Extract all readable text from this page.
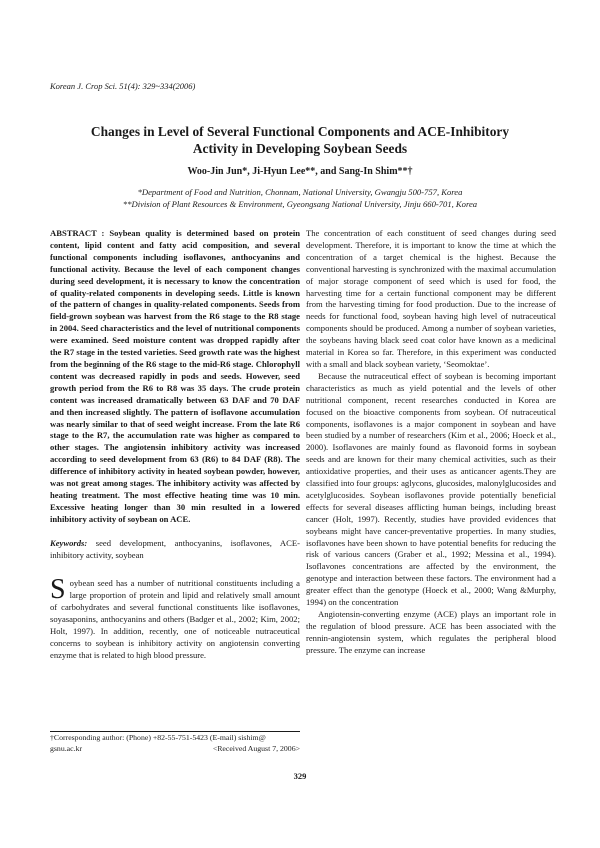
Korean J. Crop Sci. 51(4): 329~334(2006)
Changes in Level of Several Functional Components and ACE-Inhibitory
Activity in Developing Soybean Seeds
Woo-Jin Jun*, Ji-Hyun Lee**, and Sang-In Shim**†
*Department of Food and Nutrition, Chonnam, National University, Gwangju 500-757, Korea
**Division of Plant Resources & Environment, Gyeongsang National University, Jinju 660-701, Korea
ABSTRACT : Soybean quality is determined based on protein content, lipid content and fatty acid composition, and several functional components including isoflavones, anthocyanins and functional activity. Because the level of each component changes during seed development, it is necessary to know the concentration of quality-related components in developing seeds. Little is known of the pattern of changes in quality-related components. Seeds from field-grown soybean was harvest from the R6 stage to the R8 stage in 2004. Seed characteristics and the level of nutritional components were examined. Seed moisture content was dropped rapidly after the R7 stage in the tested varieties. Seed growth rate was the highest from the beginning of the R6 stage to the mid-R6 stage. Chlorophyll content was decreased rapidly in pods and seeds. However, seed growth period from the R6 to R8 was 35 days. The crude protein content was increased dramatically between 63 DAF and 70 DAF and then increased slightly. The pattern of isoflavone accumulation was nearly similar to that of seed weight increase. From the late R6 stage to the R7, the accumulation rate was higher as compared to other stages. The angiotensin inhibitory activity was increased according to seed development from 63 (R6) to 84 DAF (R8). The difference of inhibitory activity in heated soybean powder, however, was not great among stages. The inhibitory activity was affected by heating treatment. The most effective heating time was 10 min. Excessive heating longer than 30 min resulted in a lowered inhibitory activity of soybean on ACE.
Keywords: seed development, anthocyanins, isoflavones, ACE-inhibitory activity, soybean
S oybean seed has a number of nutritional constituents including a large proportion of protein and lipid and relatively small amount of carbohydrates and several functional constituents like isoflavones, soyasaponins, anthocyanins and others (Badger et al., 2002; Kim, 2002; Holt, 1997). In addition, recently, one of noticeable nutraceutical concerns to soybean is inhibitory activity on angiotensin converting enzyme that is related to high blood pressure.
†Corresponding author: (Phone) +82-55-751-5423 (E-mail) sishim@
gsnu.ac.kr	<Received August 7, 2006>
The concentration of each constituent of seed changes during seed development. Therefore, it is important to know the time at which the concentration of a target chemical is the highest. Because the conventional harvesting is synchronized with the maximal accumulation of major storage component of seed which is used for food, the harvesting time for a certain functional component may be different from the harvesting timing for food production. Due to the increase of needs for functional food, soybean having high level of nutraceutical components should be produced. Among a number of soybean varieties, the soybeans having black seed coat color have known as a medicinal material in Korea so far. Therefore, in this experiment was conducted with a small and black soybean variety, ‘Seomoktae’.
Because the nutraceutical effect of soybean is becoming important characteristics as much as yield potential and the levels of other nutritional component, recent researches conducted in Korea are focused on the bioactive components from soybean. Of nutraceutical components, isoflavones is a major component in soybean and have been studied by a number of researchers (Kim et al., 2006; Hoeck et al., 2000). Isoflavones are mainly found as flavonoid forms in soybean seeds and are known for their many chemical activities, such as their antioxidative properties, and their uses as anticancer agents.They are classified into four groups: aglycons, glucosides, malonylglucosides and acetylglucosides. Soybean isoflavones provide potentially beneficial effects for several diseases afflicting human beings, including breast cancer (Holt, 1997). Recently, studies have provided evidences that soybeans might have cancer-preventative properties. In many studies, isoflavones have been shown to have potential benefits for reducing the risk of various cancers (Graber et al., 1992; Messina et al., 1994). Isoflavones concentrations are affected by the environment, the genotype and interaction between these factors. The environment had a greater effect than the genotype (Hoeck et al., 2000; Wang &Murphy, 1994) on the concentration
Angiotensin-converting enzyme (ACE) plays an important role in the regulation of blood pressure. ACE has been associated with the rennin-angiotensin system, which regulates the peripheral blood pressure. The enzyme can increase
329
